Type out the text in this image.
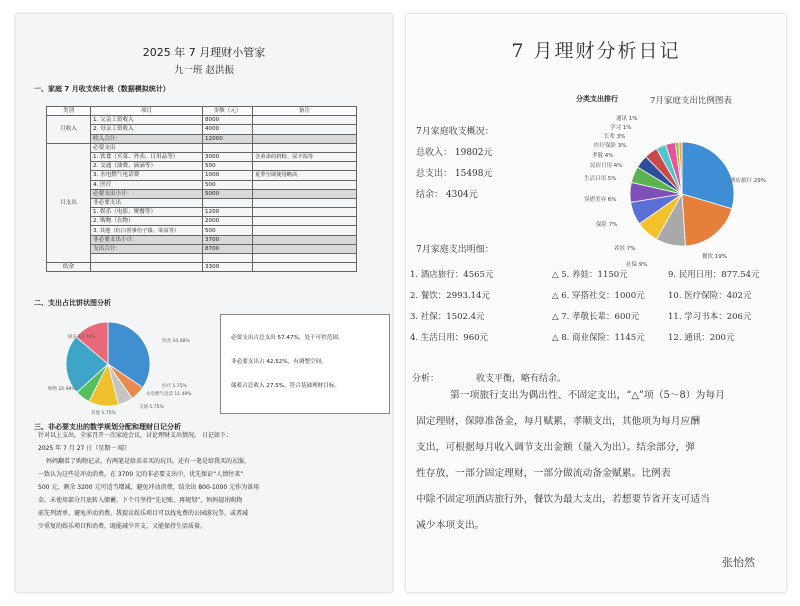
2025 年 7 月理财小管家
九一班 赵洪振
一、家庭 7 月收支统计表（数据模拟统计）
类别	项目	金额（元）	备注
月收入	1. 父亲工资收入	8000	
	2. 母亲工资收入	4000	
	收入合计：	12000	
月支出	必要支出		
	1. 饮食（买菜、外卖、日用品等）	3000	含弟弟的奶粉、尿不湿等
	2. 交通（油费、滴滴等）	500	
	3. 水电燃气电话费	1000	夏季空调使用略高
	4. 医疗	500	
	必要支出小计：	5000	
	非必要支出		
	1. 娱乐（电影、聚餐等）	1200	
	2. 购物（衣物）	2000	
	3. 其他（红白喜事份子钱、零食等）	500	
	非必要支出小计：	3700	
	支出合计：	8700	

结余		3300	
二、支出占比饼状图分析
饮食 34.48%
医疗 5.75%
交通 5.75%
水电燃气电话 11.49%
其他 5.75%
购物 22.99%
娱乐 13.79%	必要支出占总支出 57.47%，处于可控范围。
非必要支出占 42.52%，有调整空间。
储蓄占总收入 27.5%，符合基础理财目标。
三、非必要支出的数学规划分配和理财日记分析
针对以上支出，全家召开一次家庭会议，讨论理财支出情况。 日记如下：
2025 年 7 月 27 日（星期一 晴）
妈妈翻看了购物记录，有两笔是给弟弟买的玩具，还有一笔是给我买的衣服，
一致认为这些是冲动消费。在 3700 元的非必要支出中，优先保证“人情往来”
500 元，剩余 3200 元可适当增减，避免冲动消费，结余出 800-1000 元作为备用
金。未使用部分月底转入储蓄，下个月坚持“先记账、再规划”，妈妈提出购物
前先列清单，避免冲动消费。我提议娱乐项目可以找免费的公园游玩等，或者减
少重复的娱乐项目和消费，既能减少开支，又能保持生活质量。
7 月理财分析日记
分类支出排行	7月家庭支出比例图表
7月家庭收支概况：
总收入： 19802元
总支出： 15498元
结余： 4304元
酒店旅行 29%
餐饮 19%
社保 9%
养娃 7%
保险 7%
穿搭美容 6%
生活日用 5%
民宿日用 4%
孝敬 4%
医疗保险 3%
长辈 3%
学习 1%
通讯 1%
7月家庭支出明细：
1. 酒店旅行：4565元	△ 5. 养娃：1150元	9. 民用日用：877.54元
2. 餐饮：2993.14元	△ 6. 穿搭社交：1000元	10. 医疗保险：402元
3. 社保：1502.4元	△ 7. 孝敬长辈：600元	11. 学习书本：206元
4. 生活日用：960元	△ 8. 商业保险：1145元	12. 通讯：200元
分析：	收支平衡，略有结余。
第一项旅行支出为偶出性、不固定支出，“△”项（5～8）为每月
固定理财，保障准备金，每月赋累，孝顺支出，其他项为每月应酬
支出，可根据每月收入调节支出金额（量入为出）。结余部分，弹
性存放，一部分固定理财，一部分做流动备金赋累。比例表
中除不固定项酒店旅行外，餐饮为最大支出，若想要节省开支可适当
减少本项支出。
张怡然
